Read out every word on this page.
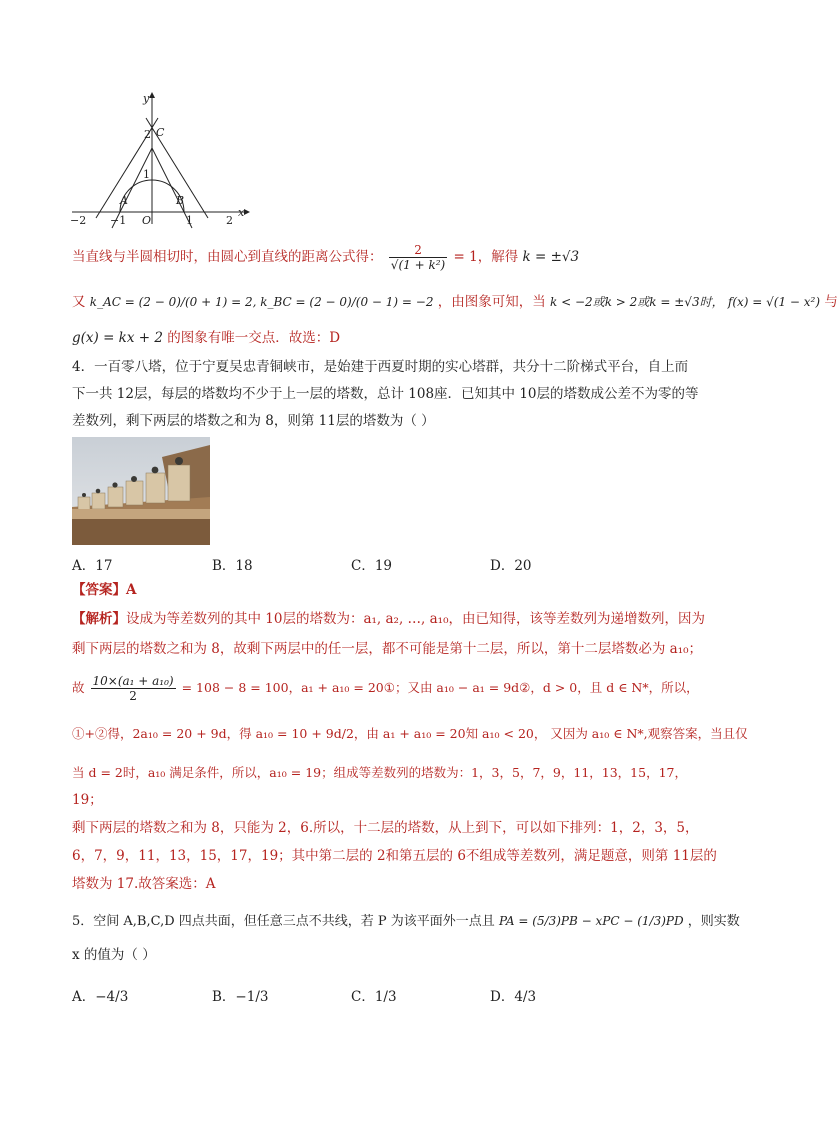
y
x
2 C
1
A	B
O
−2 −1	1	2
当直线与半圆相切时，由圆心到直线的距离公式得： $\frac{2}{\text{√(1 + k²)}} = 1$，解得 k = ±√3
又 k_AC = (2 − 0)/(0 + 1) = 2, k_BC = (2 − 0)/(0 − 1) = −2 ，由图象可知，当 k < −2或k > 2或k = ±√3时， f(x) = √(1 − x²) 与
g(x) = kx + 2 的图象有唯一交点．故选：D
4．一百零八塔，位于宁夏吴忠青铜峡市，是始建于西夏时期的实心塔群，共分十二阶梯式平台，自上而
下一共 12层，每层的塔数均不少于上一层的塔数，总计 108座．已知其中 10层的塔数成公差不为零的等
差数列，剩下两层的塔数之和为 8，则第 11层的塔数为（ ）
A．17	B．18	C．19	D．20
【答案】A
【解析】设成为等差数列的其中 10层的塔数为：a₁, a₂, …, a₁₀，由已知得，该等差数列为递增数列，因为
剩下两层的塔数之和为 8，故剩下两层中的任一层，都不可能是第十二层，所以，第十二层塔数必为 a₁₀；
故 $\frac{\text{10×(a₁ + a₁₀)}}{2} = 108 - 8 = 100$，a₁ + a₁₀ = 20①；又由 a₁₀ − a₁ = 9d②，d > 0，且 d ∈ N*，所以，
①+②得，2a₁₀ = 20 + 9d，得 a₁₀ = 10 + 9d/2，由 a₁ + a₁₀ = 20知 a₁₀ < 20， 又因为 a₁₀ ∈ N*,观察答案，当且仅
当 d = 2时，a₁₀ 满足条件，所以，a₁₀ = 19；组成等差数列的塔数为：1，3，5，7，9，11，13，15，17，
19；
剩下两层的塔数之和为 8，只能为 2，6.所以，十二层的塔数，从上到下，可以如下排列：1，2，3，5，
6，7，9，11，13，15，17，19；其中第二层的 2和第五层的 6不组成等差数列，满足题意，则第 11层的
塔数为 17.故答案选：A
5．空间 A,B,C,D 四点共面，但任意三点不共线，若 P 为该平面外一点且 PA = (5/3)PB − xPC − (1/3)PD ，则实数
x 的值为（ ）
A．−4/3	B．−1/3	C．1/3	D．4/3
